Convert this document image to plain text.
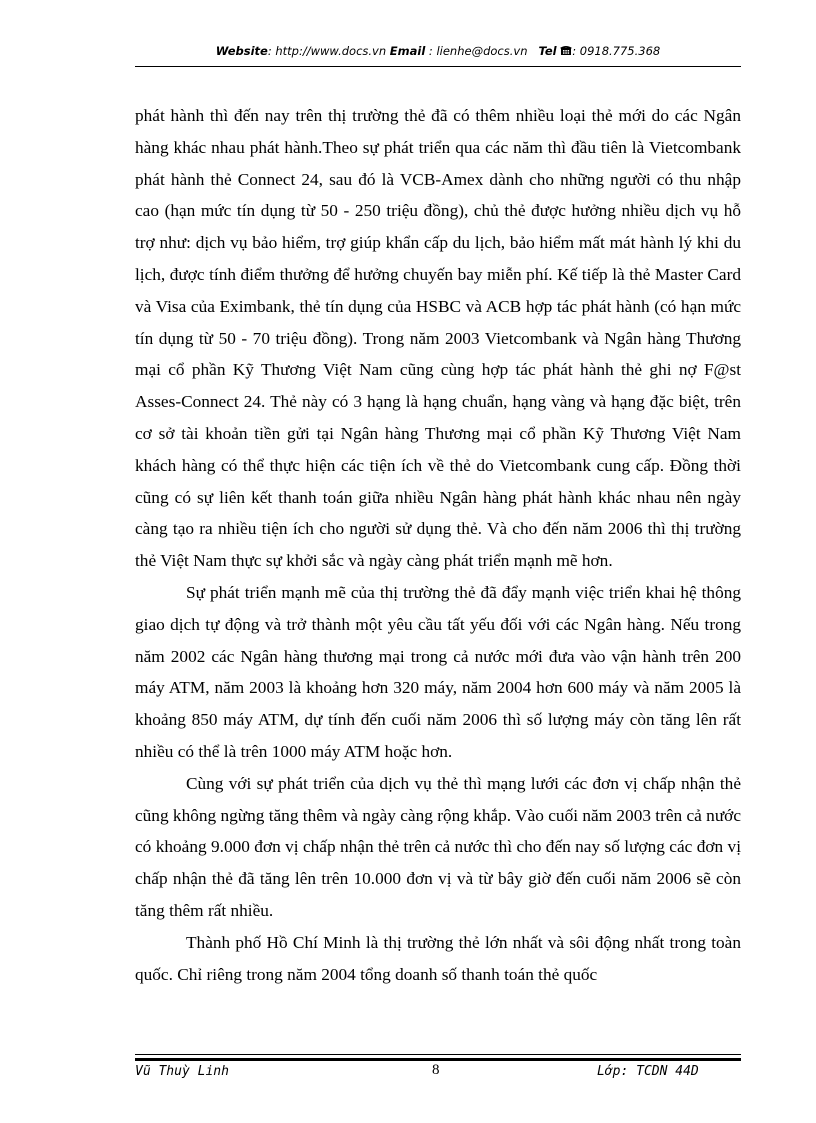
Website: http://www.docs.vn Email : lienhe@docs.vn Tel : 0918.775.368

phát hành thì đến nay trên thị trường thẻ đã có thêm nhiều loại thẻ mới do các Ngân hàng khác nhau phát hành.Theo sự phát triển qua các năm thì đầu tiên là Vietcombank phát hành thẻ Connect 24, sau đó là VCB-Amex dành cho những người có thu nhập cao (hạn mức tín dụng từ 50 - 250 triệu đồng), chủ thẻ được hưởng nhiều dịch vụ hỗ trợ như: dịch vụ bảo hiểm, trợ giúp khẩn cấp du lịch, bảo hiểm mất mát hành lý khi du lịch, được tính điểm thưởng để hưởng chuyến bay miễn phí. Kế tiếp là thẻ Master Card và Visa của Eximbank, thẻ tín dụng của HSBC và ACB hợp tác phát hành (có hạn mức tín dụng từ 50 - 70 triệu đồng). Trong năm 2003 Vietcombank và Ngân hàng Thương mại cổ phần Kỹ Thương Việt Nam cũng cùng hợp tác phát hành thẻ ghi nợ F@st Asses-Connect 24. Thẻ này có 3 hạng là hạng chuẩn, hạng vàng và hạng đặc biệt, trên cơ sở tài khoản tiền gửi tại Ngân hàng Thương mại cổ phần Kỹ Thương Việt Nam khách hàng có thể thực hiện các tiện ích về thẻ do Vietcombank cung cấp. Đồng thời cũng có sự liên kết thanh toán giữa nhiều Ngân hàng phát hành khác nhau nên ngày càng tạo ra nhiều tiện ích cho người sử dụng thẻ. Và cho đến năm 2006 thì thị trường thẻ Việt Nam thực sự khởi sắc và ngày càng phát triển mạnh mẽ hơn.

Sự phát triển mạnh mẽ của thị trường thẻ đã đẩy mạnh việc triển khai hệ thông giao dịch tự động và trở thành một yêu cầu tất yếu đối với các Ngân hàng. Nếu trong năm 2002 các Ngân hàng thương mại trong cả nước mới đưa vào vận hành trên 200 máy ATM, năm 2003 là khoảng hơn 320 máy, năm 2004 hơn 600 máy và năm 2005 là khoảng 850 máy ATM, dự tính đến cuối năm 2006 thì số lượng máy còn tăng lên rất nhiều có thể là trên 1000 máy ATM hoặc hơn.

Cùng với sự phát triển của dịch vụ thẻ thì mạng lưới các đơn vị chấp nhận thẻ cũng không ngừng tăng thêm và ngày càng rộng khắp. Vào cuối năm 2003 trên cả nước có khoảng 9.000 đơn vị chấp nhận thẻ trên cả nước thì cho đến nay số lượng các đơn vị chấp nhận thẻ đã tăng lên trên 10.000 đơn vị và từ bây giờ đến cuối năm 2006 sẽ còn tăng thêm rất nhiều.

Thành phố Hồ Chí Minh là thị trường thẻ lớn nhất và sôi động nhất trong toàn quốc. Chỉ riêng trong năm 2004 tổng doanh số thanh toán thẻ quốc

Vũ Thuỳ Linh	8	Lớp: TCDN 44D
